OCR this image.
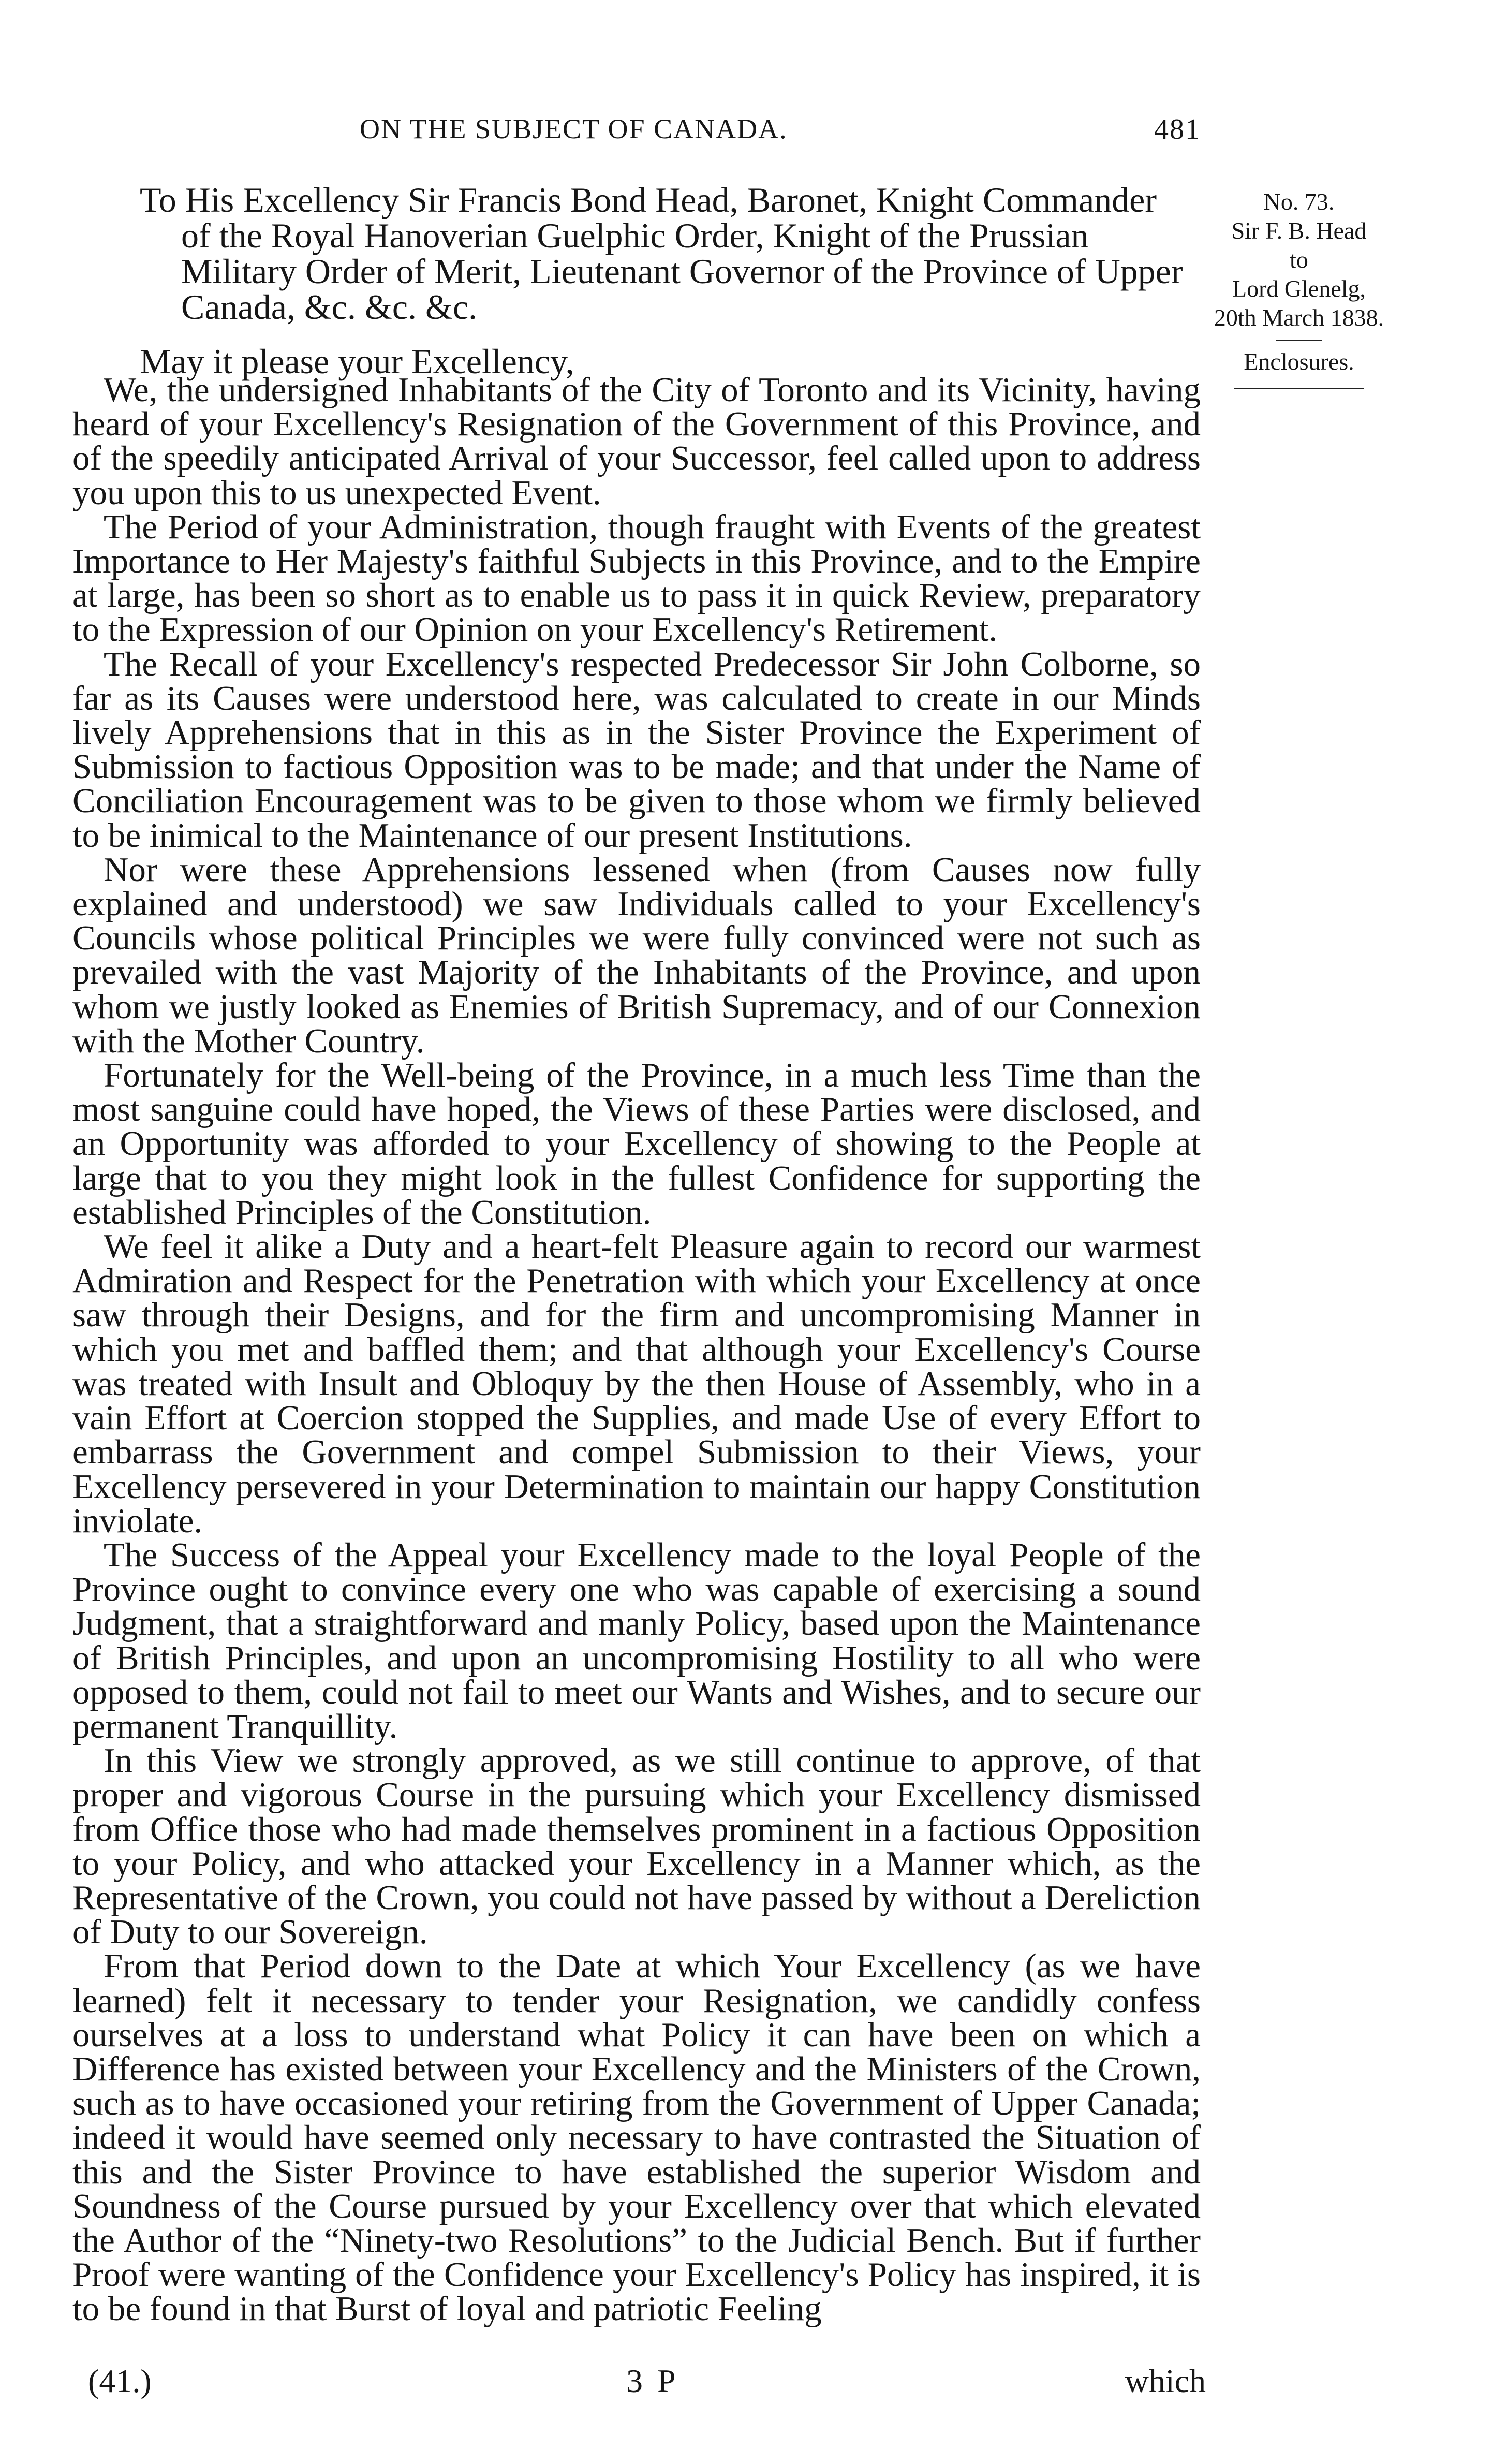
ON THE SUBJECT OF CANADA.	481

To His Excellency Sir Francis Bond Head, Baronet, Knight Commander of the Royal Hanoverian Guelphic Order, Knight of the Prussian Military Order of Merit, Lieutenant Governor of the Province of Upper Canada, &c. &c. &c.

No. 73.
Sir F. B. Head
to
Lord Glenelg,
20th March 1838.
Enclosures.
May it please your Excellency,

We, the undersigned Inhabitants of the City of Toronto and its Vicinity, having heard of your Excellency's Resignation of the Government of this Province, and of the speedily anticipated Arrival of your Successor, feel called upon to address you upon this to us unexpected Event.

The Period of your Administration, though fraught with Events of the greatest Importance to Her Majesty's faithful Subjects in this Province, and to the Empire at large, has been so short as to enable us to pass it in quick Review, preparatory to the Expression of our Opinion on your Excellency's Retirement.

The Recall of your Excellency's respected Predecessor Sir John Colborne, so far as its Causes were understood here, was calculated to create in our Minds lively Apprehensions that in this as in the Sister Province the Experiment of Submission to factious Opposition was to be made; and that under the Name of Conciliation Encouragement was to be given to those whom we firmly believed to be inimical to the Maintenance of our present Institutions.

Nor were these Apprehensions lessened when (from Causes now fully explained and understood) we saw Individuals called to your Excellency's Councils whose political Principles we were fully convinced were not such as prevailed with the vast Majority of the Inhabitants of the Province, and upon whom we justly looked as Enemies of British Supremacy, and of our Connexion with the Mother Country.

Fortunately for the Well-being of the Province, in a much less Time than the most sanguine could have hoped, the Views of these Parties were disclosed, and an Opportunity was afforded to your Excellency of showing to the People at large that to you they might look in the fullest Confidence for supporting the established Principles of the Constitution.

We feel it alike a Duty and a heart-felt Pleasure again to record our warmest Admiration and Respect for the Penetration with which your Excellency at once saw through their Designs, and for the firm and uncompromising Manner in which you met and baffled them; and that although your Excellency's Course was treated with Insult and Obloquy by the then House of Assembly, who in a vain Effort at Coercion stopped the Supplies, and made Use of every Effort to embarrass the Government and compel Submission to their Views, your Excellency persevered in your Determination to maintain our happy Constitution inviolate.

The Success of the Appeal your Excellency made to the loyal People of the Province ought to convince every one who was capable of exercising a sound Judgment, that a straightforward and manly Policy, based upon the Maintenance of British Principles, and upon an uncompromising Hostility to all who were opposed to them, could not fail to meet our Wants and Wishes, and to secure our permanent Tranquillity.

In this View we strongly approved, as we still continue to approve, of that proper and vigorous Course in the pursuing which your Excellency dismissed from Office those who had made themselves prominent in a factious Opposition to your Policy, and who attacked your Excellency in a Manner which, as the Representative of the Crown, you could not have passed by without a Dereliction of Duty to our Sovereign.

From that Period down to the Date at which Your Excellency (as we have learned) felt it necessary to tender your Resignation, we candidly confess ourselves at a loss to understand what Policy it can have been on which a Difference has existed between your Excellency and the Ministers of the Crown, such as to have occasioned your retiring from the Government of Upper Canada; indeed it would have seemed only necessary to have contrasted the Situation of this and the Sister Province to have established the superior Wisdom and Soundness of the Course pursued by your Excellency over that which elevated the Author of the “Ninety-two Resolutions” to the Judicial Bench. But if further Proof were wanting of the Confidence your Excellency's Policy has inspired, it is to be found in that Burst of loyal and patriotic Feeling

(41.)	3 P	which
